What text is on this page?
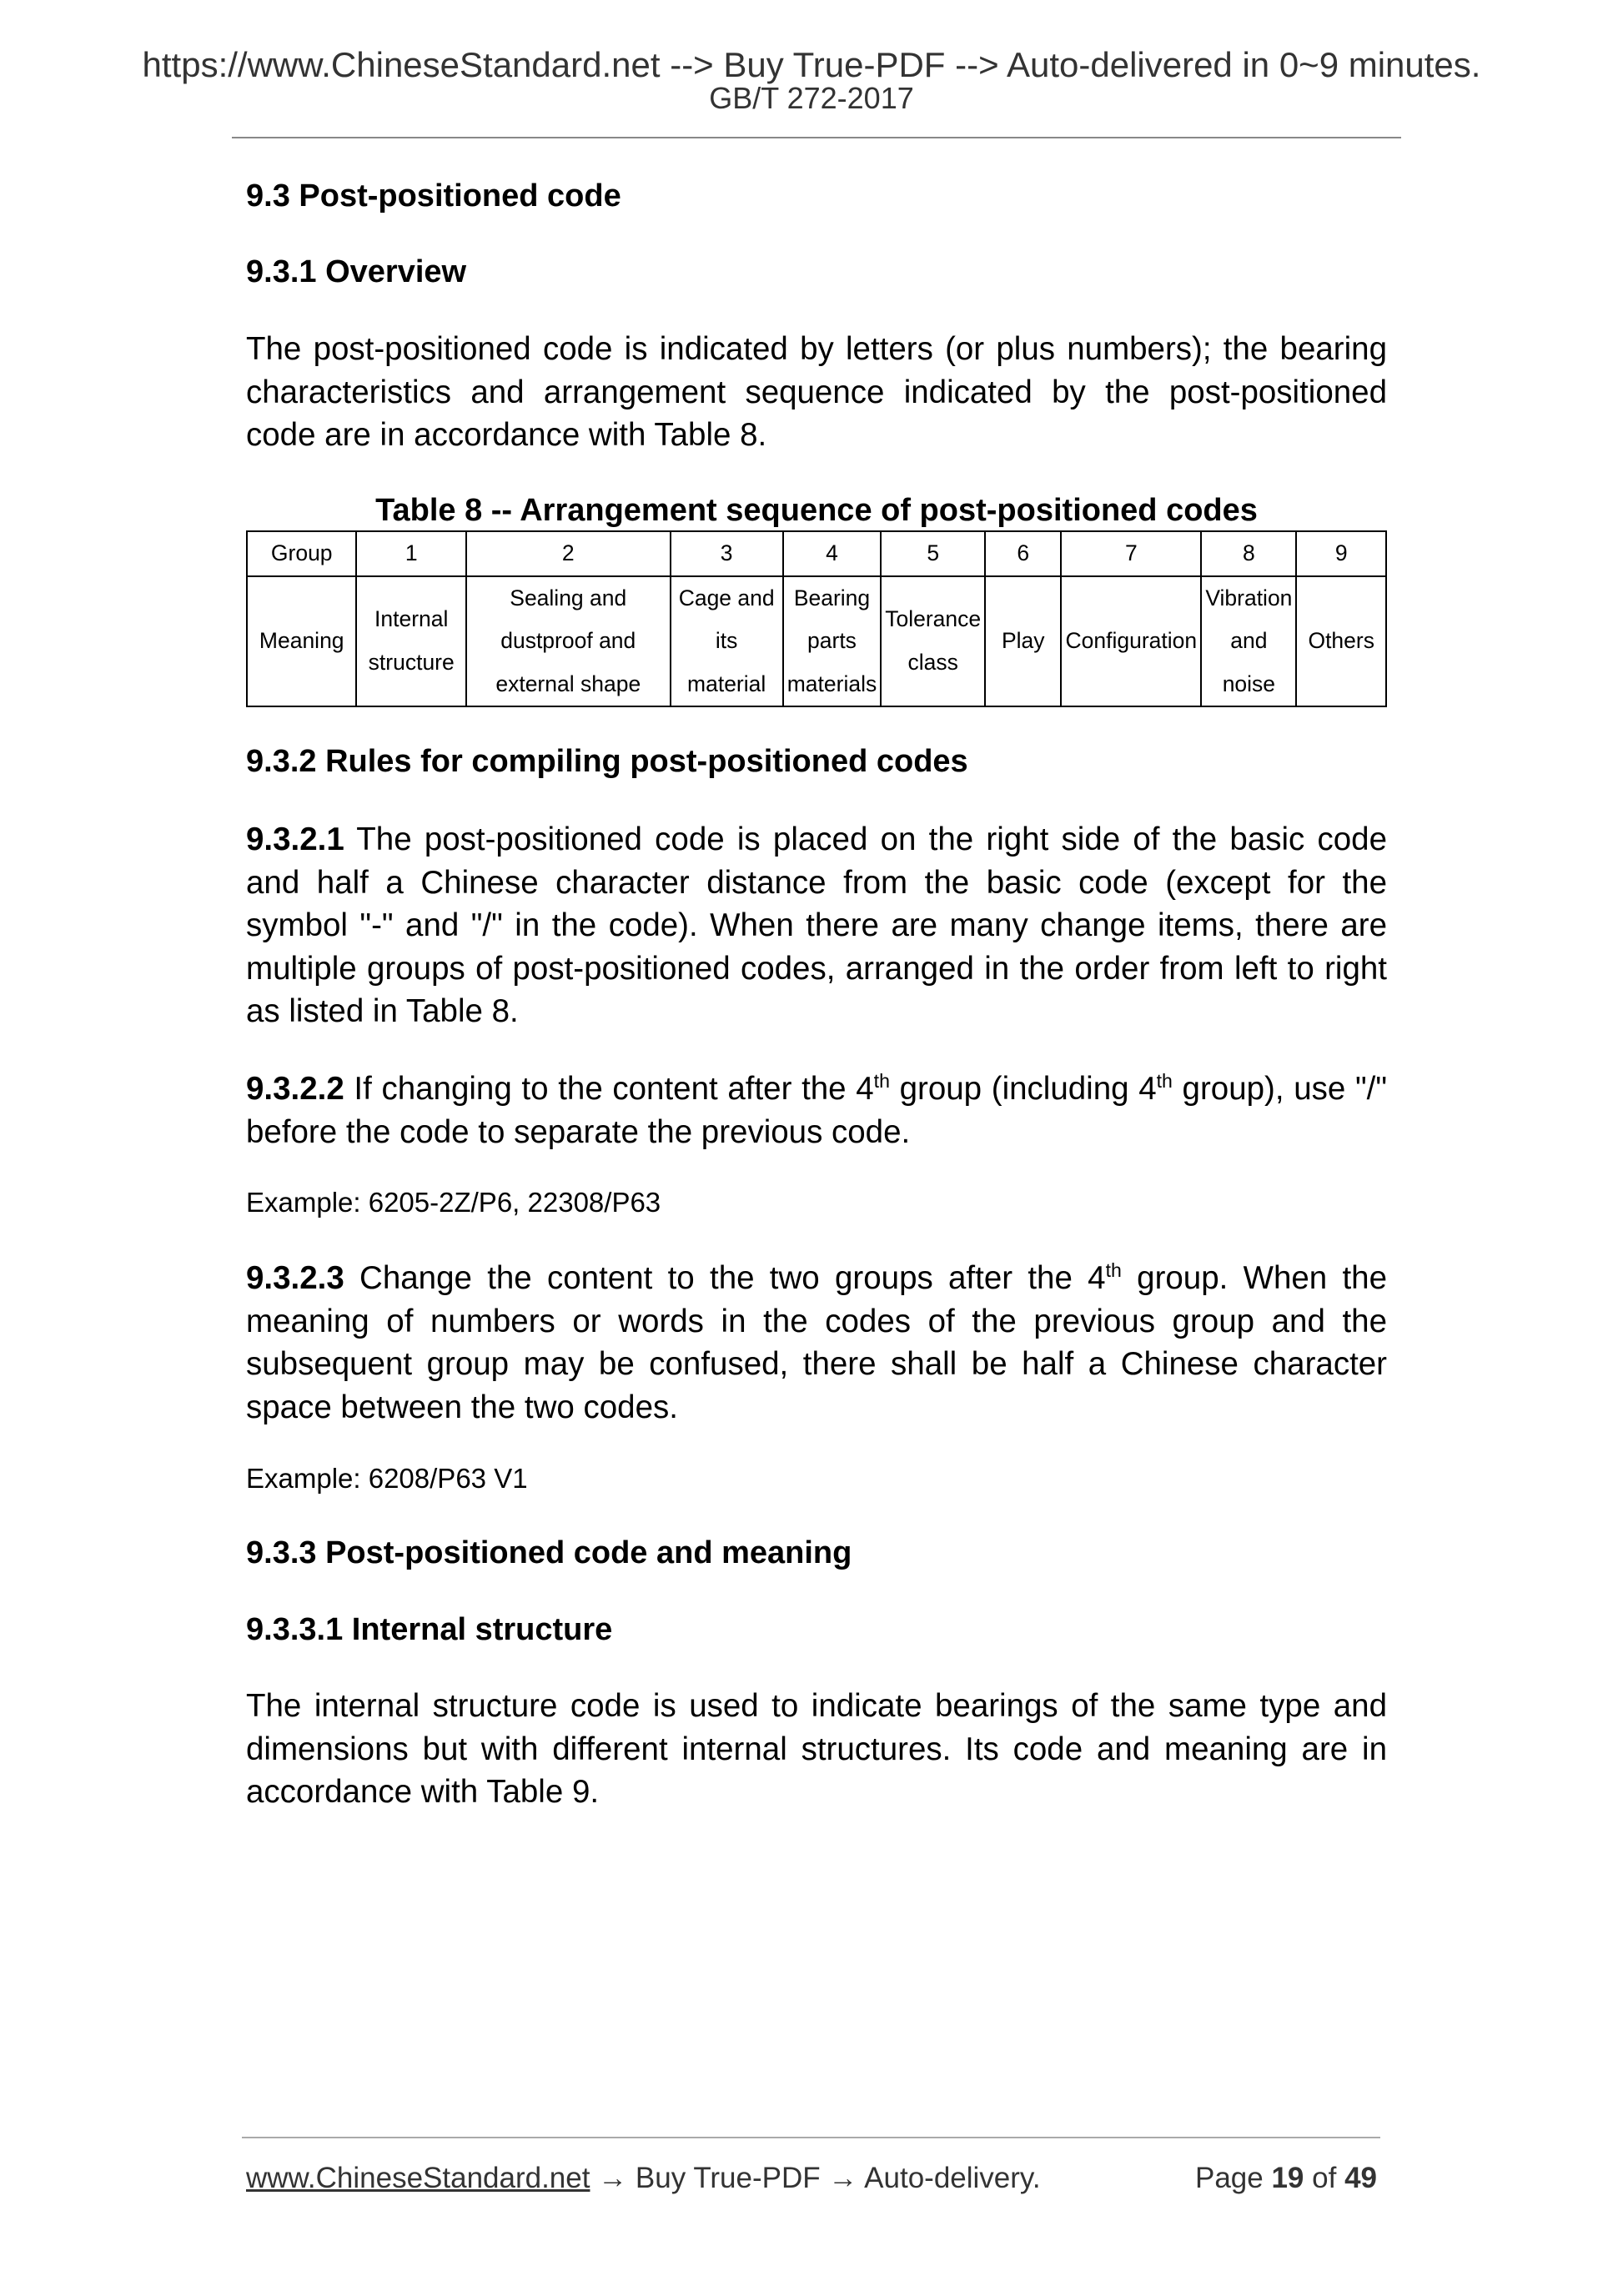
https://www.ChineseStandard.net --> Buy True-PDF --> Auto-delivered in 0~9 minutes.
GB/T 272-2017
9.3 Post-positioned code
9.3.1 Overview
The post-positioned code is indicated by letters (or plus numbers); the bearing characteristics and arrangement sequence indicated by the post-positioned code are in accordance with Table 8.
Table 8 -- Arrangement sequence of post-positioned codes
Group	1	2	3	4	5	6	7	8	9
Meaning	Internal structure	Sealing and dustproof and external shape	Cage and its material	Bearing parts materials	Tolerance class	Play	Configuration	Vibration and noise	Others
9.3.2 Rules for compiling post-positioned codes
9.3.2.1 The post-positioned code is placed on the right side of the basic code and half a Chinese character distance from the basic code (except for the symbol "-" and "/" in the code). When there are many change items, there are multiple groups of post-positioned codes, arranged in the order from left to right as listed in Table 8.
9.3.2.2 If changing to the content after the 4th group (including 4th group), use "/" before the code to separate the previous code.
Example: 6205-2Z/P6, 22308/P63
9.3.2.3 Change the content to the two groups after the 4th group. When the meaning of numbers or words in the codes of the previous group and the subsequent group may be confused, there shall be half a Chinese character space between the two codes.
Example: 6208/P63 V1
9.3.3 Post-positioned code and meaning
9.3.3.1 Internal structure
The internal structure code is used to indicate bearings of the same type and dimensions but with different internal structures. Its code and meaning are in accordance with Table 9.
www.ChineseStandard.net → Buy True-PDF → Auto-delivery.	Page 19 of 49
